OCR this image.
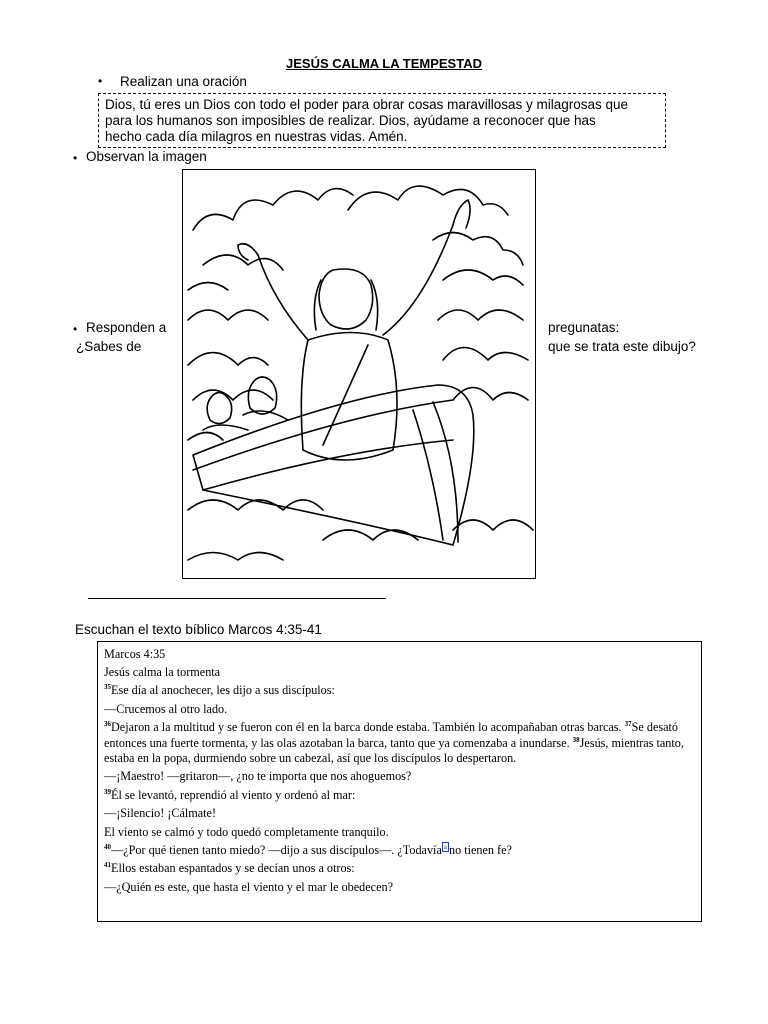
JESÚS CALMA LA TEMPESTAD
• Realizan una oración
Dios, tú eres un Dios con todo el poder para obrar cosas maravillosas y milagrosas que
para los humanos son imposibles de realizar. Dios, ayúdame a reconocer que has
hecho cada día milagros en nuestras vidas. Amén.
• Observan la imagen
• Responden a	pregunatas:
¿Sabes de	que se trata este dibujo?
Escuchan el texto bíblico Marcos 4:35-41

Marcos 4:35

Jesús calma la tormenta

$^{35}$Ese día al anochecer, les dijo a sus discípulos:

—Crucemos al otro lado.

$^{36}$Dejaron a la multitud y se fueron con él en la barca donde estaba. También lo acompañaban otras barcas. $^{37}$Se desató entonces una fuerte tormenta, y las olas azotaban la barca, tanto que ya comenzaba a inundarse. $^{38}$Jesús, mientras tanto, estaba en la popa, durmiendo sobre un cabezal, así que los discípulos lo despertaron.

—¡Maestro! —gritaron—, ¿no te importa que nos ahoguemos?

$^{39}$Él se levantó, reprendió al viento y ordenó al mar:

—¡Silencio! ¡Cálmate!

El viento se calmó y todo quedó completamente tranquilo.

$^{40}$—¿Por qué tienen tanto miedo? —dijo a sus discípulos—. ¿Todavía $^a$ no tienen fe?

$^{41}$Ellos estaban espantados y se decían unos a otros:

—¿Quién es este, que hasta el viento y el mar le obedecen?
